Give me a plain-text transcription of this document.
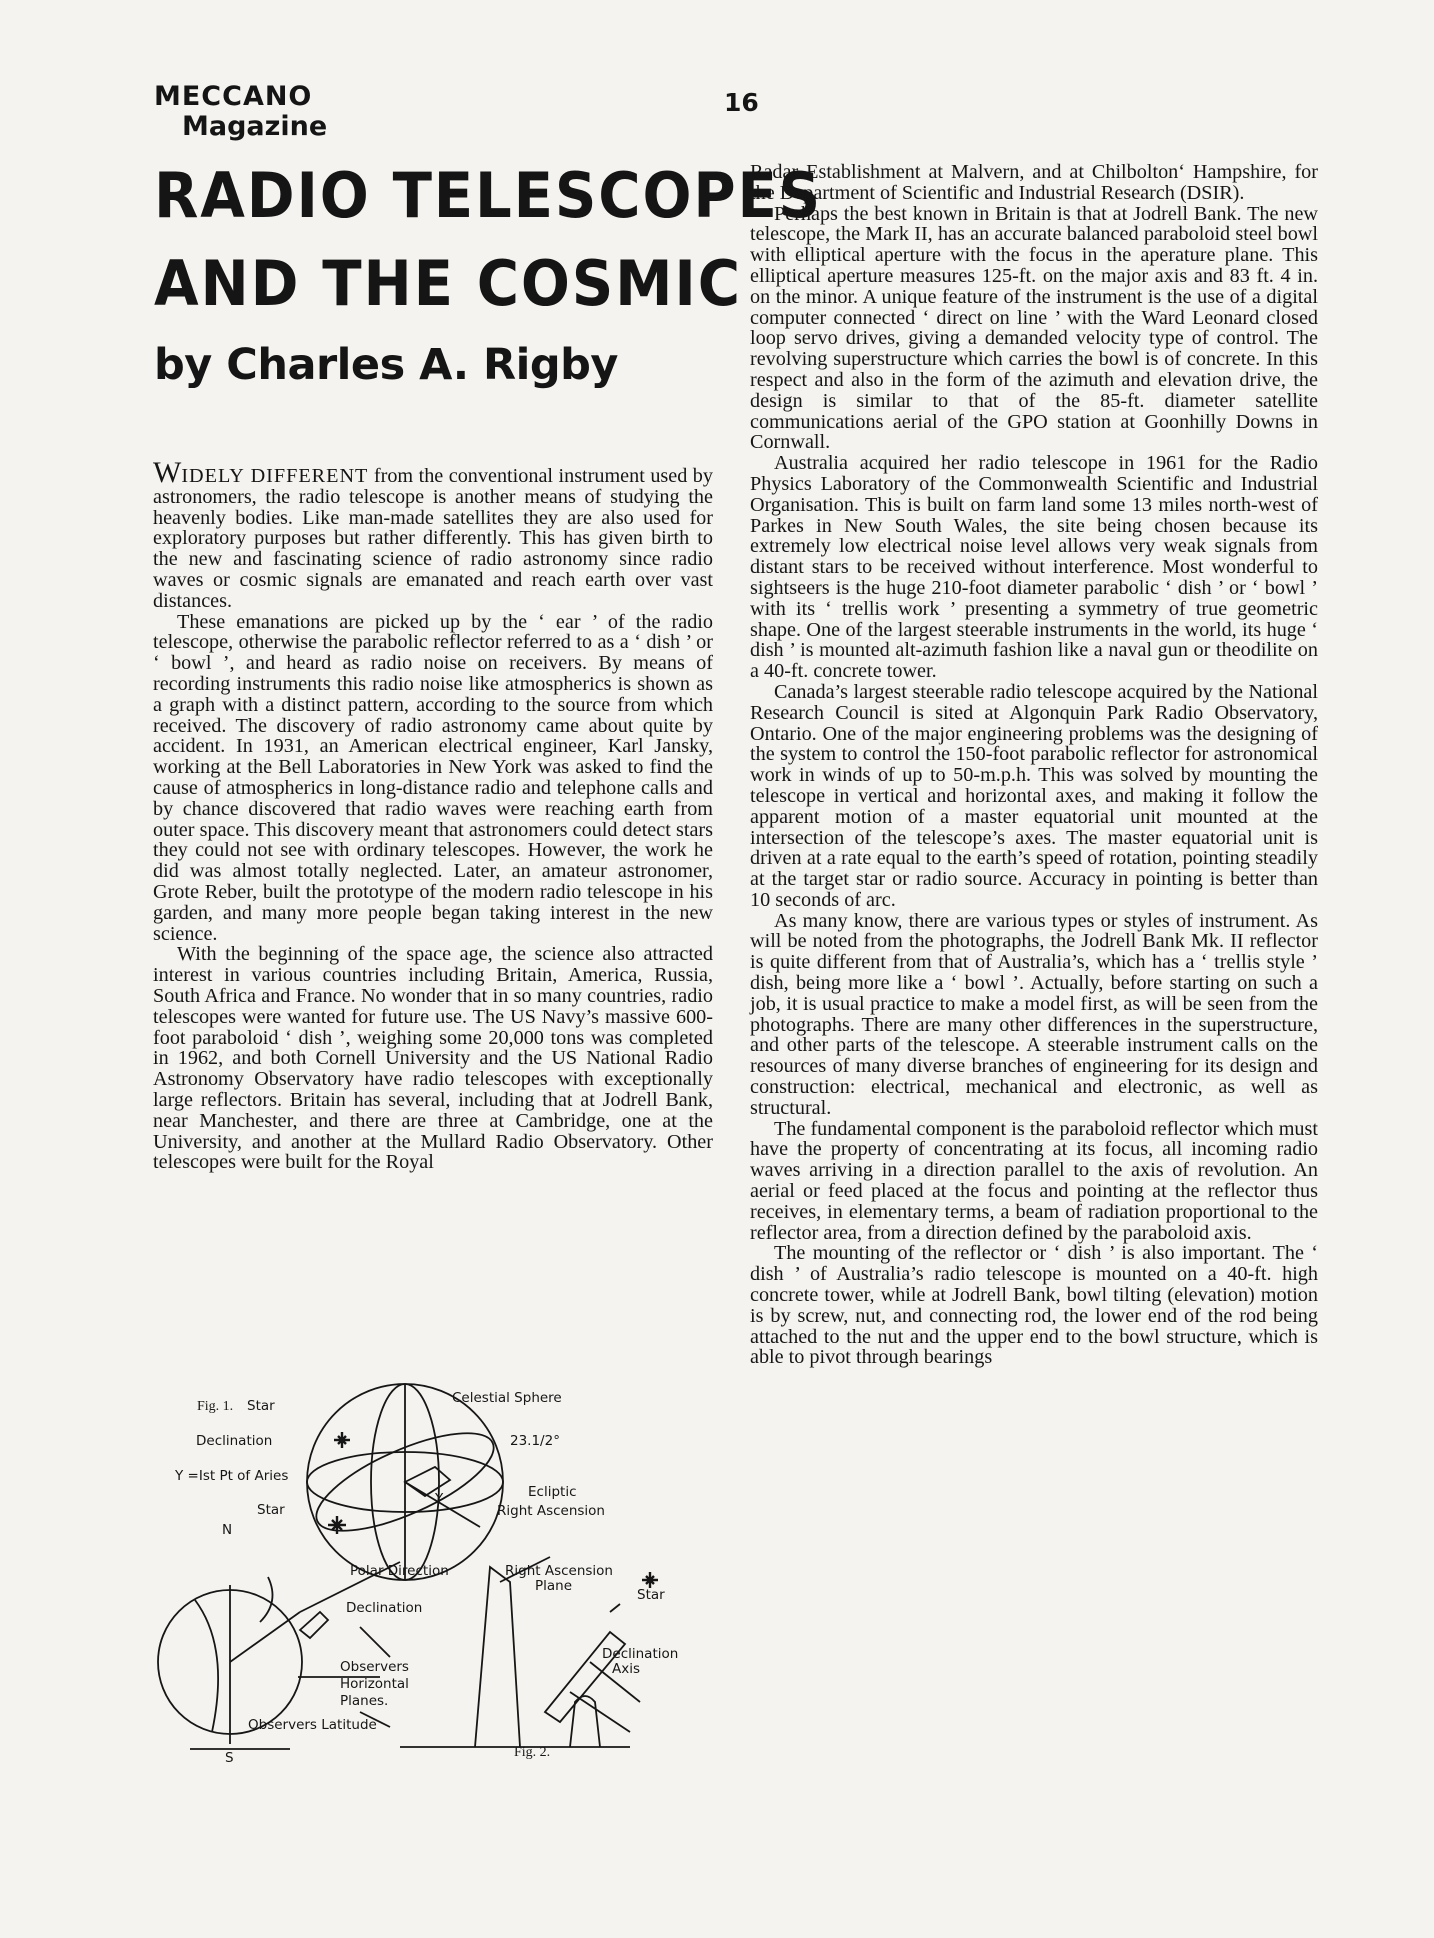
MECCANO
Magazine
16
RADIO TELESCOPES
AND THE COSMIC
by Charles A. Rigby

WIDELY DIFFERENT from the conventional instrument used by astronomers, the radio telescope is another means of studying the heavenly bodies. Like man-made satellites they are also used for exploratory purposes but rather differently. This has given birth to the new and fascinating science of radio astronomy since radio waves or cosmic signals are emanated and reach earth over vast distances.

These emanations are picked up by the ‘ ear ’ of the radio telescope, otherwise the parabolic reflector referred to as a ‘ dish ’ or ‘ bowl ’, and heard as radio noise on receivers. By means of recording instruments this radio noise like atmospherics is shown as a graph with a distinct pattern, according to the source from which received. The discovery of radio astronomy came about quite by accident. In 1931, an American electrical engineer, Karl Jansky, working at the Bell Laboratories in New York was asked to find the cause of atmospherics in long-distance radio and telephone calls and by chance discovered that radio waves were reaching earth from outer space. This discovery meant that astronomers could detect stars they could not see with ordinary telescopes. However, the work he did was almost totally neglected. Later, an amateur astronomer, Grote Reber, built the prototype of the modern radio telescope in his garden, and many more people began taking interest in the new science.

With the beginning of the space age, the science also attracted interest in various countries including Britain, America, Russia, South Africa and France. No wonder that in so many countries, radio telescopes were wanted for future use. The US Navy’s massive 600-foot paraboloid ‘ dish ’, weighing some 20,000 tons was completed in 1962, and both Cornell University and the US National Radio Astronomy Observatory have radio telescopes with exceptionally large reflectors. Britain has several, including that at Jodrell Bank, near Manchester, and there are three at Cambridge, one at the University, and another at the Mullard Radio Observatory. Other telescopes were built for the Royal

Radar Establishment at Malvern, and at Chilbolton‘ Hampshire, for the Department of Scientific and Industrial Research (DSIR).

Perhaps the best known in Britain is that at Jodrell Bank. The new telescope, the Mark II, has an accurate balanced paraboloid steel bowl with elliptical aperture with the focus in the aperature plane. This elliptical aperture measures 125-ft. on the major axis and 83 ft. 4 in. on the minor. A unique feature of the instrument is the use of a digital computer connected ‘ direct on line ’ with the Ward Leonard closed loop servo drives, giving a demanded velocity type of control. The revolving superstructure which carries the bowl is of concrete. In this respect and also in the form of the azimuth and elevation drive, the design is similar to that of the 85-ft. diameter satellite communications aerial of the GPO station at Goonhilly Downs in Cornwall.

Australia acquired her radio telescope in 1961 for the Radio Physics Laboratory of the Commonwealth Scientific and Industrial Organisation. This is built on farm land some 13 miles north-west of Parkes in New South Wales, the site being chosen because its extremely low electrical noise level allows very weak signals from distant stars to be received without interference. Most wonderful to sightseers is the huge 210-foot diameter parabolic ‘ dish ’ or ‘ bowl ’ with its ‘ trellis work ’ presenting a symmetry of true geometric shape. One of the largest steerable instruments in the world, its huge ‘ dish ’ is mounted alt-azimuth fashion like a naval gun or theodilite on a 40-ft. concrete tower.

Canada’s largest steerable radio telescope acquired by the National Research Council is sited at Algonquin Park Radio Observatory, Ontario. One of the major engineering problems was the designing of the system to control the 150-foot parabolic reflector for astronomical work in winds of up to 50-m.p.h. This was solved by mounting the telescope in vertical and horizontal axes, and making it follow the apparent motion of a master equatorial unit mounted at the intersection of the telescope’s axes. The master equatorial unit is driven at a rate equal to the earth’s speed of rotation, pointing steadily at the target star or radio source. Accuracy in pointing is better than 10 seconds of arc.

As many know, there are various types or styles of instrument. As will be noted from the photographs, the Jodrell Bank Mk. II reflector is quite different from that of Australia’s, which has a ‘ trellis style ’ dish, being more like a ‘ bowl ’. Actually, before starting on such a job, it is usual practice to make a model first, as will be seen from the photographs. There are many other differences in the superstructure, and other parts of the telescope. A steerable instrument calls on the resources of many diverse branches of engineering for its design and construction: electrical, mechanical and electronic, as well as structural.

The fundamental component is the paraboloid reflector which must have the property of concentrating at its focus, all incoming radio waves arriving in a direction parallel to the axis of revolution. An aerial or feed placed at the focus and pointing at the reflector thus receives, in elementary terms, a beam of radiation proportional to the reflector area, from a direction defined by the paraboloid axis.

The mounting of the reflector or ‘ dish ’ is also important. The ‘ dish ’ of Australia’s radio telescope is mounted on a 40-ft. high concrete tower, while at Jodrell Bank, bowl tilting (elevation) motion is by screw, nut, and connecting rod, the lower end of the rod being attached to the nut and the upper end to the bowl structure, which is able to pivot through bearings

Fig. 1. Star	Celestial Sphere
Declination	23.1/2°
Y =Ist Pt of Aries
Y	Ecliptic
Right Ascension
Star
N
S
Polar Direction
Declination
Observers
Horizontal
Planes.
Observers Latitude
Right Ascension
Plane
Star
Declination
Axis
Fig. 2.
